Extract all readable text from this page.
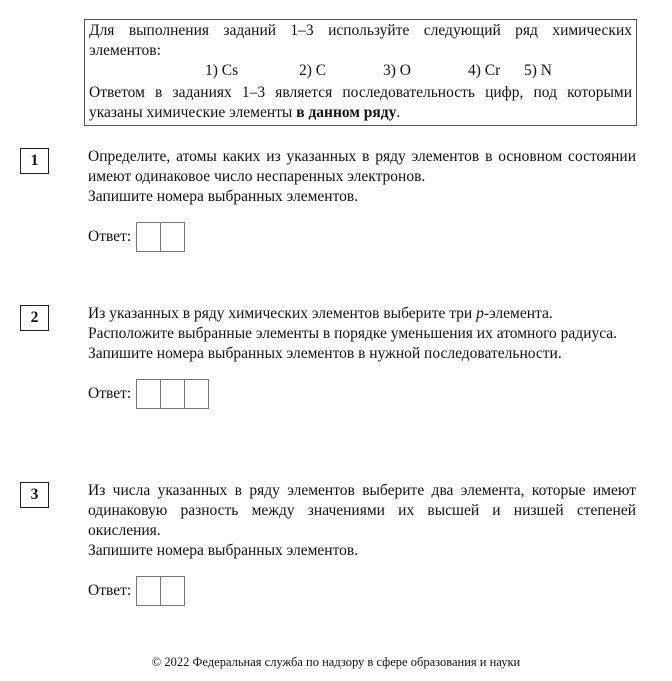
Для выполнения заданий 1–3 используйте следующий ряд химических элементов:
1) Cs	2) C	3) O	4) Cr 5) N
Ответом в заданиях 1–3 является последовательность цифр, под которыми указаны химические элементы в данном ряду.
1	Определите, атомы каких из указанных в ряду элементов в основном состоянии имеют одинаковое число неспаренных электронов.
Запишите номера выбранных элементов.
Ответ:
2	Из указанных в ряду химических элементов выберите три p-элемента.
Расположите выбранные элементы в порядке уменьшения их атомного радиуса.
Запишите номера выбранных элементов в нужной последовательности.
Ответ:
3	Из числа указанных в ряду элементов выберите два элемента, которые имеют одинаковую разность между значениями их высшей и низшей степеней окисления.
Запишите номера выбранных элементов.
Ответ:
© 2022 Федеральная служба по надзору в сфере образования и науки
